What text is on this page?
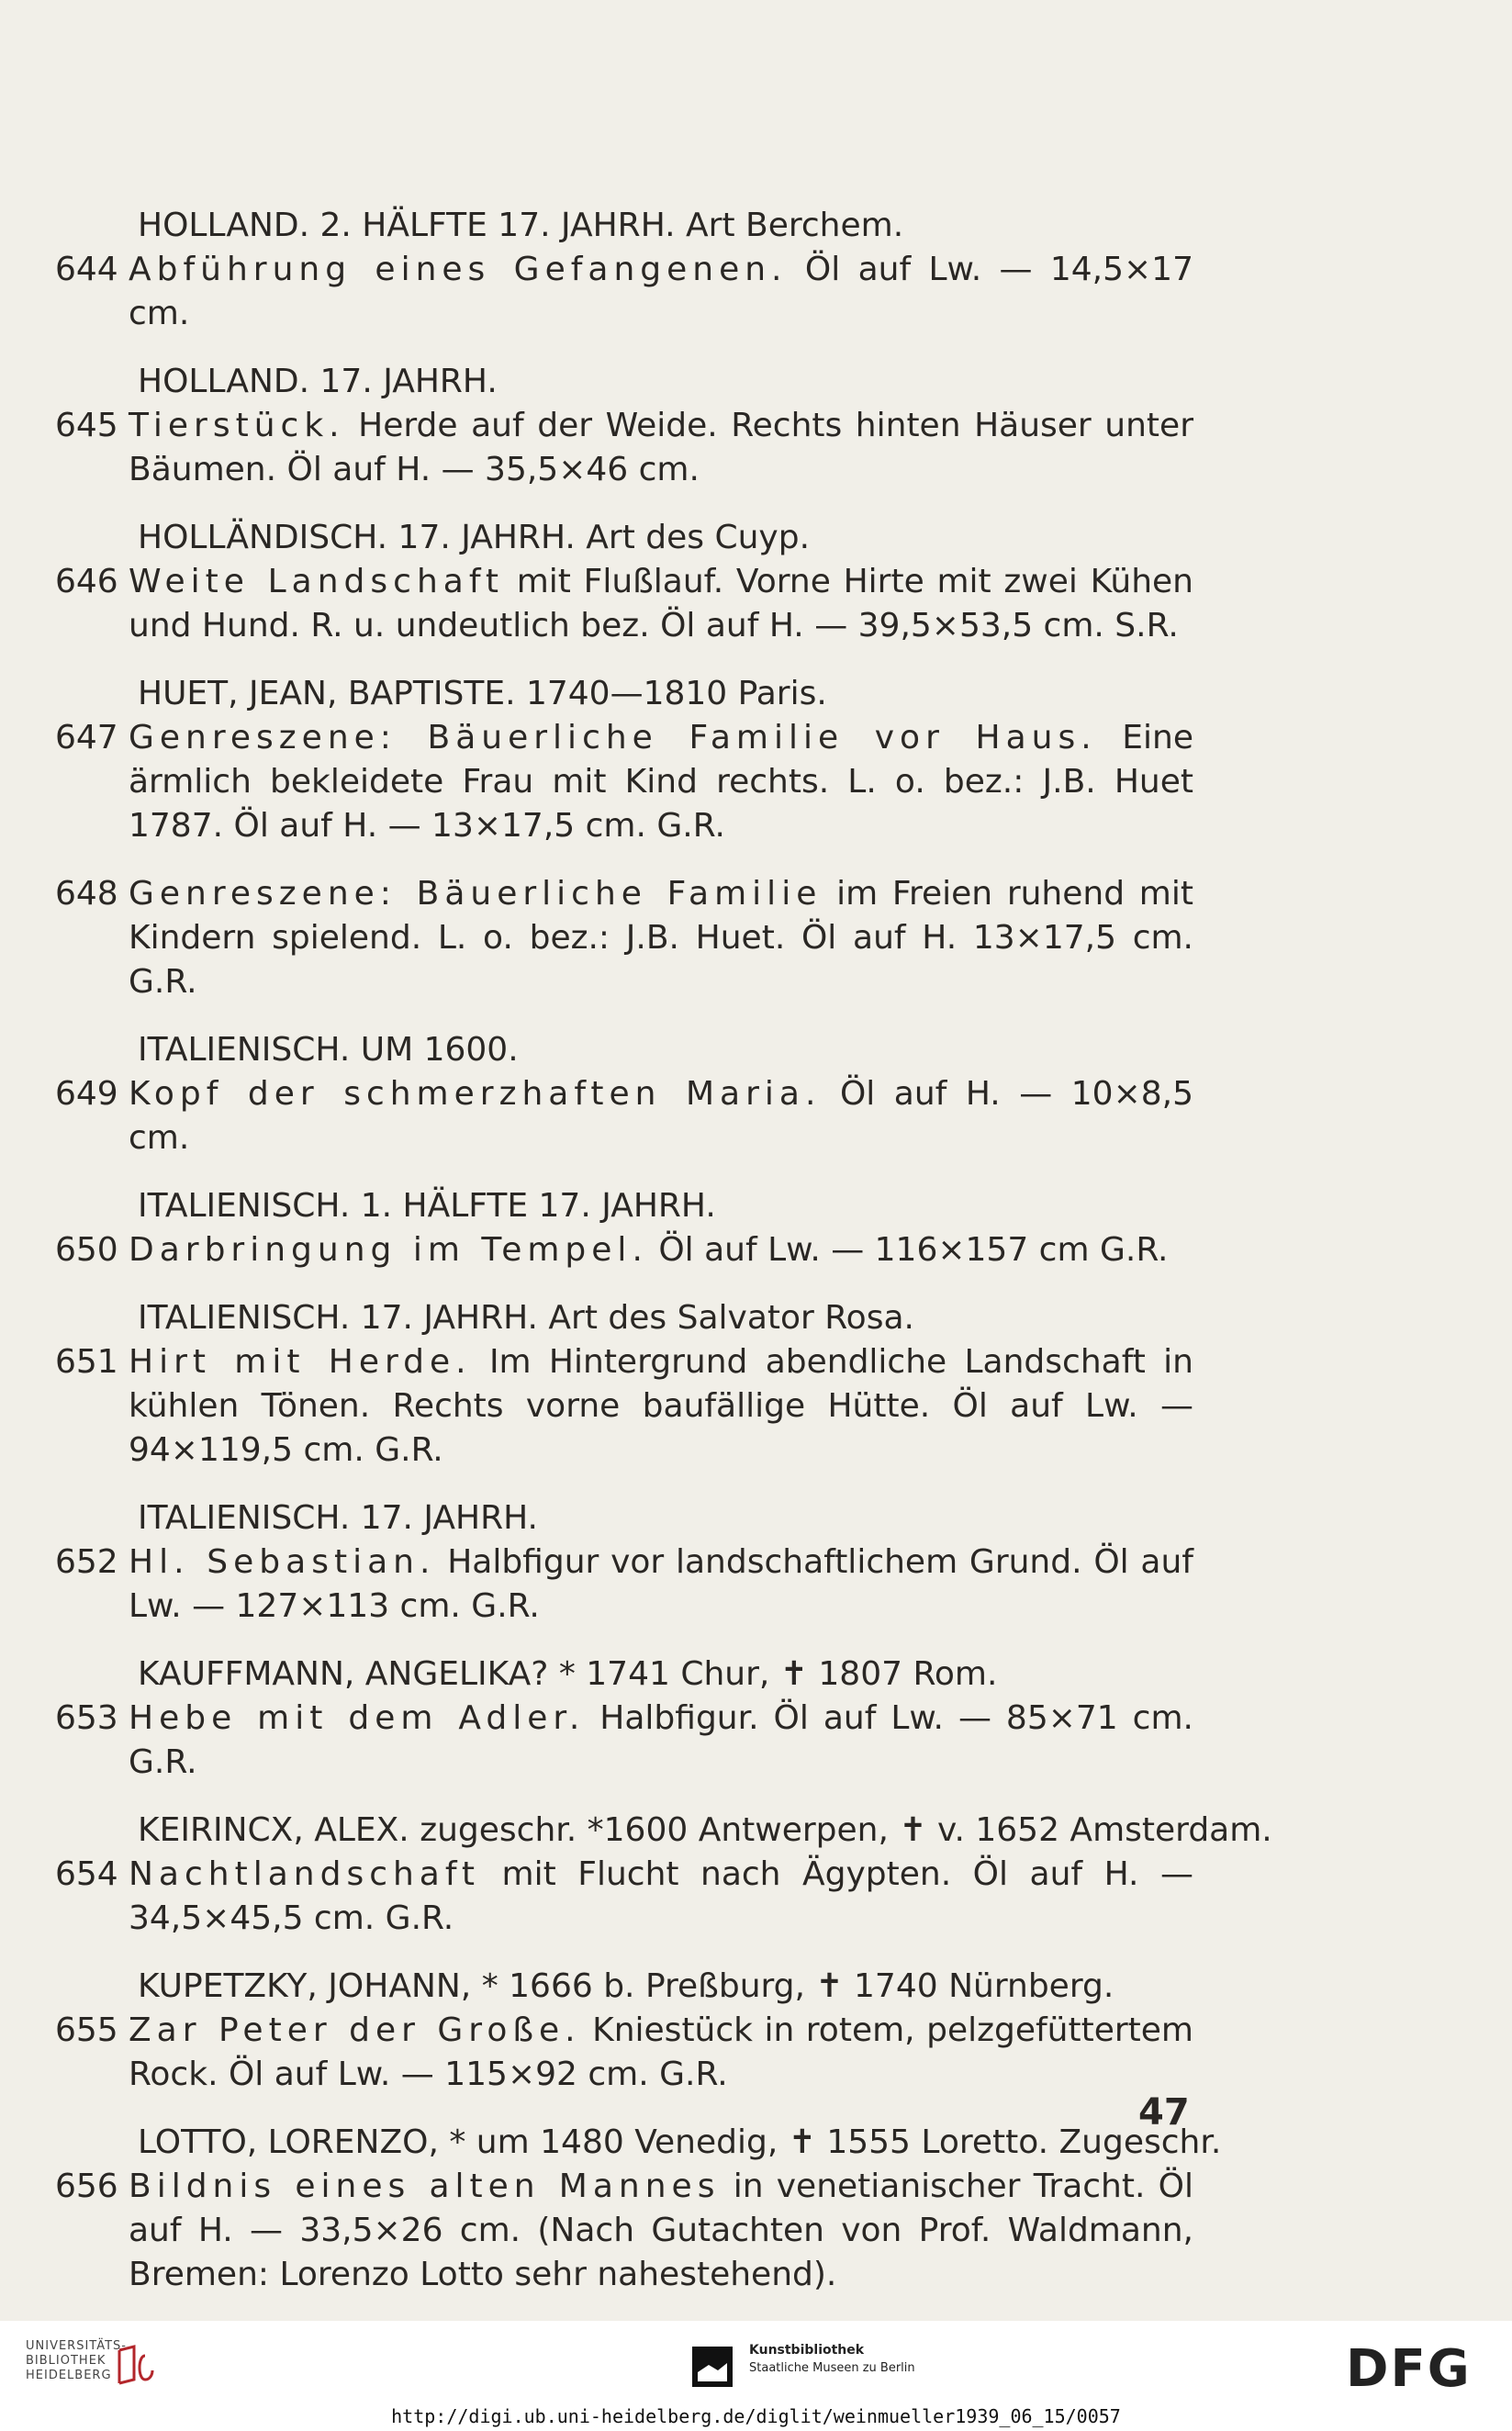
HOLLAND. 2. HÄLFTE 17. JAHRH. Art Berchem.
644 Abführung eines Gefangenen. Öl auf Lw. — 14,5×17 cm.
HOLLAND. 17. JAHRH.
645 Tierstück. Herde auf der Weide. Rechts hinten Häuser unter Bäumen. Öl auf H. — 35,5×46 cm.
HOLLÄNDISCH. 17. JAHRH. Art des Cuyp.
646 Weite Landschaft mit Flußlauf. Vorne Hirte mit zwei Kühen und Hund. R. u. undeutlich bez. Öl auf H. — 39,5×53,5 cm. S.R.
HUET, JEAN, BAPTISTE. 1740—1810 Paris.
647 Genreszene: Bäuerliche Familie vor Haus. Eine ärmlich bekleidete Frau mit Kind rechts. L. o. bez.: J.B. Huet 1787. Öl auf H. — 13×17,5 cm. G.R.
648 Genreszene: Bäuerliche Familie im Freien ruhend mit Kindern spielend. L. o. bez.: J.B. Huet. Öl auf H. 13×17,5 cm. G.R.
ITALIENISCH. UM 1600.
649 Kopf der schmerzhaften Maria. Öl auf H. — 10×8,5 cm.
ITALIENISCH. 1. HÄLFTE 17. JAHRH.
650 Darbringung im Tempel. Öl auf Lw. — 116×157 cm G.R.
ITALIENISCH. 17. JAHRH. Art des Salvator Rosa.
651 Hirt mit Herde. Im Hintergrund abendliche Landschaft in kühlen Tönen. Rechts vorne baufällige Hütte. Öl auf Lw. — 94×119,5 cm. G.R.
ITALIENISCH. 17. JAHRH.
652 Hl. Sebastian. Halbfigur vor landschaftlichem Grund. Öl auf Lw. — 127×113 cm. G.R.
KAUFFMANN, ANGELIKA? * 1741 Chur, ✝ 1807 Rom.
653 Hebe mit dem Adler. Halbfigur. Öl auf Lw. — 85×71 cm. G.R.
KEIRINCX, ALEX. zugeschr. *1600 Antwerpen, ✝ v. 1652 Amsterdam.
654 Nachtlandschaft mit Flucht nach Ägypten. Öl auf H. — 34,5×45,5 cm. G.R.
KUPETZKY, JOHANN, * 1666 b. Preßburg, ✝ 1740 Nürnberg.
655 Zar Peter der Große. Kniestück in rotem, pelzgefüttertem Rock. Öl auf Lw. — 115×92 cm. G.R.
LOTTO, LORENZO, * um 1480 Venedig, ✝ 1555 Loretto. Zugeschr.
656 Bildnis eines alten Mannes in venetianischer Tracht. Öl auf H. — 33,5×26 cm. (Nach Gutachten von Prof. Waldmann, Bremen: Lorenzo Lotto sehr nahestehend).
47
UNIVERSITÄTS-
BIBLIOTHEK
HEIDELBERG
Kunstbibliothek
Staatliche Museen zu Berlin	DFG
http://digi.ub.uni-heidelberg.de/diglit/weinmueller1939_06_15/0057
